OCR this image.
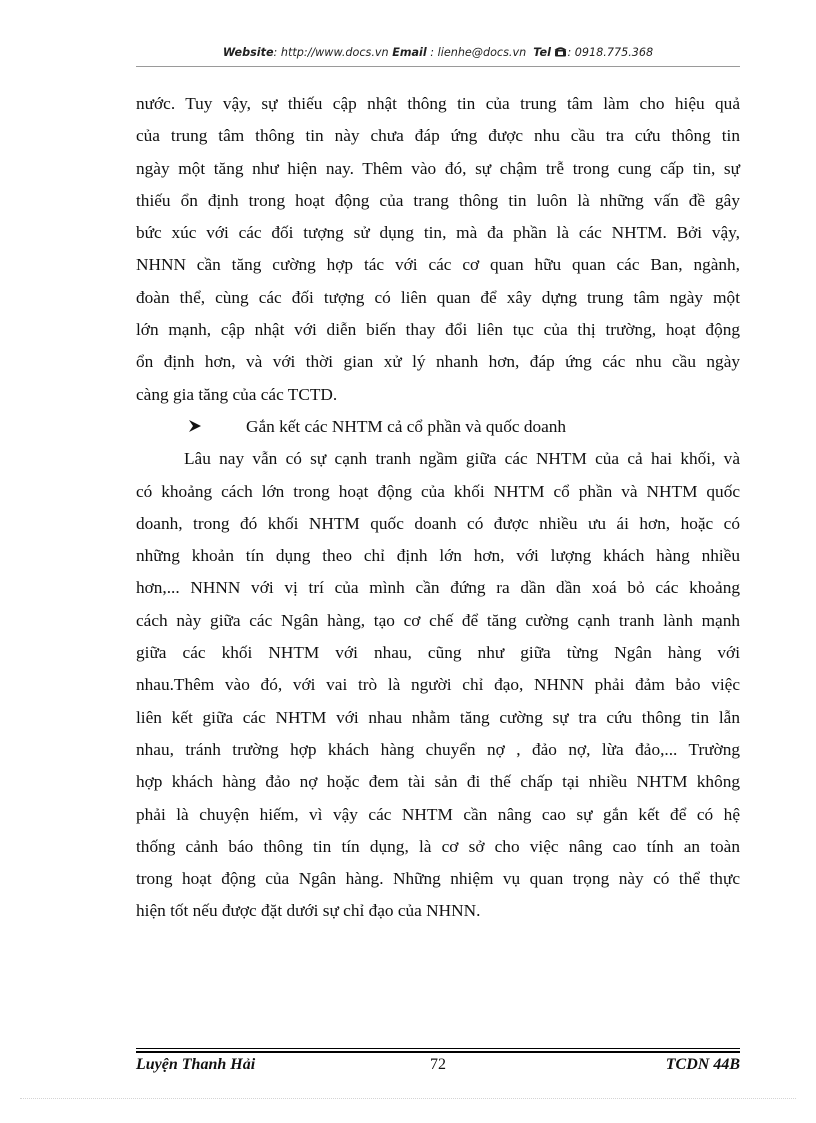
Website: http://www.docs.vn Email : lienhe@docs.vn Tel : 0918.775.368
nước. Tuy vậy, sự thiếu cập nhật thông tin của trung tâm làm cho hiệu quả
của trung tâm thông tin này chưa đáp ứng được nhu cầu tra cứu thông tin
ngày một tăng như hiện nay. Thêm vào đó, sự chậm trễ trong cung cấp tin, sự
thiếu ổn định trong hoạt động của trang thông tin luôn là những vấn đề gây
bức xúc với các đối tượng sử dụng tin, mà đa phần là các NHTM. Bởi vậy,
NHNN cần tăng cường hợp tác với các cơ quan hữu quan các Ban, ngành,
đoàn thể, cùng các đối tượng có liên quan để xây dựng trung tâm ngày một
lớn mạnh, cập nhật với diễn biến thay đổi liên tục của thị trường, hoạt động
ổn định hơn, và với thời gian xử lý nhanh hơn, đáp ứng các nhu cầu ngày
càng gia tăng của các TCTD.
Gắn kết các NHTM cả cổ phần và quốc doanh
Lâu nay vẫn có sự cạnh tranh ngầm giữa các NHTM của cả hai khối, và
có khoảng cách lớn trong hoạt động của khối NHTM cổ phần và NHTM quốc
doanh, trong đó khối NHTM quốc doanh có được nhiều ưu ái hơn, hoặc có
những khoản tín dụng theo chỉ định lớn hơn, với lượng khách hàng nhiều
hơn,... NHNN với vị trí của mình cần đứng ra dần dần xoá bỏ các khoảng
cách này giữa các Ngân hàng, tạo cơ chế để tăng cường cạnh tranh lành mạnh
giữa các khối NHTM với nhau, cũng như giữa từng Ngân hàng với
nhau.Thêm vào đó, với vai trò là người chỉ đạo, NHNN phải đảm bảo việc
liên kết giữa các NHTM với nhau nhằm tăng cường sự tra cứu thông tin lẫn
nhau, tránh trường hợp khách hàng chuyển nợ , đảo nợ, lừa đảo,... Trường
hợp khách hàng đảo nợ hoặc đem tài sản đi thế chấp tại nhiều NHTM không
phải là chuyện hiếm, vì vậy các NHTM cần nâng cao sự gắn kết để có hệ
thống cảnh báo thông tin tín dụng, là cơ sở cho việc nâng cao tính an toàn
trong hoạt động của Ngân hàng. Những nhiệm vụ quan trọng này có thể thực
hiện tốt nếu được đặt dưới sự chỉ đạo của NHNN.
Luyện Thanh Hải	72	TCDN 44B
